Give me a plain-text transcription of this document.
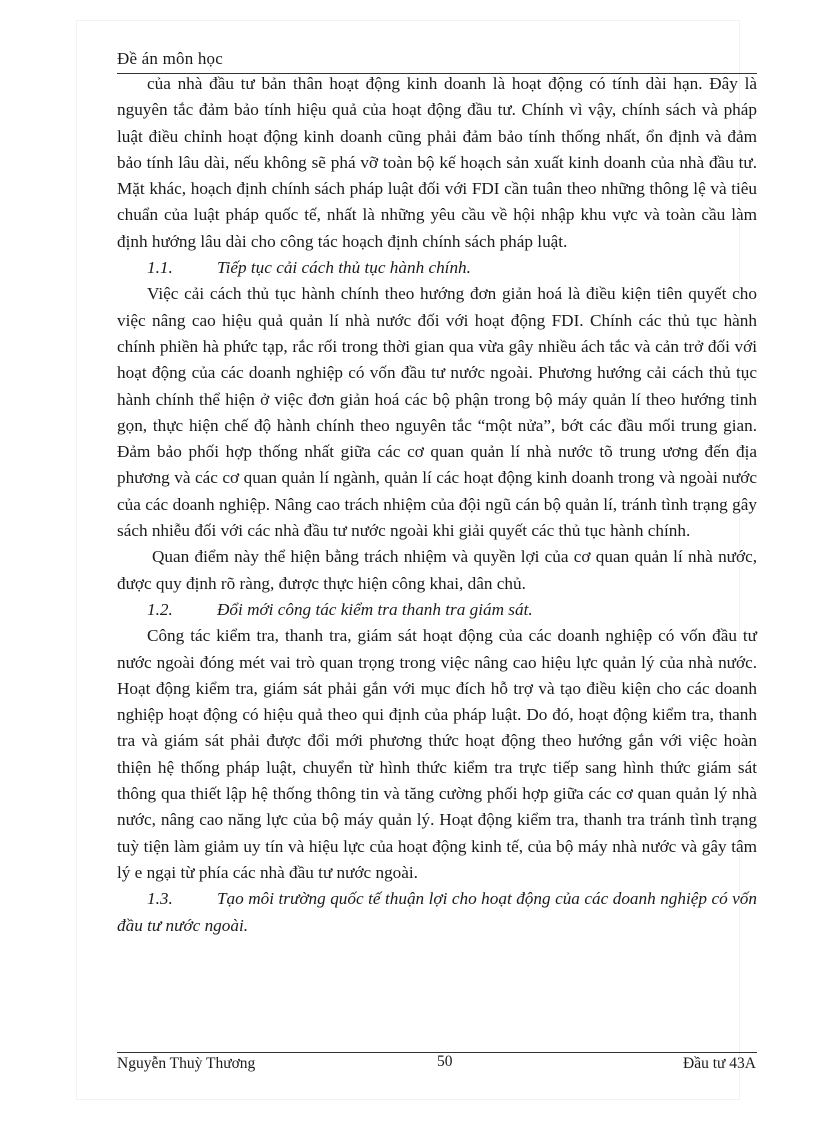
Đề án môn học

của nhà đầu tư bản thân hoạt động kinh doanh là hoạt động có tính dài hạn. Đây là nguyên tắc đảm bảo tính hiệu quả của hoạt động đầu tư. Chính vì vậy, chính sách và pháp luật điều chỉnh hoạt động kinh doanh cũng phải đảm bảo tính thống nhất, ổn định và đảm bảo tính lâu dài, nếu không sẽ phá vỡ toàn bộ kế hoạch sản xuất kinh doanh của nhà đầu tư. Mặt khác, hoạch định chính sách pháp luật đối với FDI cần tuân theo những thông lệ và tiêu chuẩn của luật pháp quốc tế, nhất là những yêu cầu về hội nhập khu vực và toàn cầu làm định hướng lâu dài cho công tác hoạch định chính sách pháp luật.

1.1.	Tiếp tục cải cách thủ tục hành chính.

Việc cải cách thủ tục hành chính theo hướng đơn giản hoá là điều kiện tiên quyết cho việc nâng cao hiệu quả quản lí nhà nước đối với hoạt động FDI. Chính các thủ tục hành chính phiền hà phức tạp, rắc rối trong thời gian qua vừa gây nhiều ách tắc và cản trở đối với hoạt động của các doanh nghiệp có vốn đầu tư nước ngoài. Phương hướng cải cách thủ tục hành chính thể hiện ở việc đơn giản hoá các bộ phận trong bộ máy quản lí theo hướng tinh gọn, thực hiện chế độ hành chính theo nguyên tắc “một nửa”, bớt các đầu mối trung gian. Đảm bảo phối hợp thống nhất giữa các cơ quan quản lí nhà nước tõ trung ương đến địa phương và các cơ quan quản lí ngành, quản lí các hoạt động kinh doanh trong và ngoài nước của các doanh nghiệp. Nâng cao trách nhiệm của đội ngũ cán bộ quản lí, tránh tình trạng gây sách nhiễu đối với các nhà đầu tư nước ngoài khi giải quyết các thủ tục hành chính.

Quan điểm này thể hiện bằng trách nhiệm và quyền lợi của cơ quan quản lí nhà nước, được quy định rõ ràng, đưrợc thực hiện công khai, dân chủ.

1.2.	Đổi mới công tác kiểm tra thanh tra giám sát.

Công tác kiểm tra, thanh tra, giám sát hoạt động của các doanh nghiệp có vốn đầu tư nước ngoài đóng mét vai trò quan trọng trong việc nâng cao hiệu lực quản lý của nhà nước. Hoạt động kiểm tra, giám sát phải gắn với mục đích hỗ trợ và tạo điều kiện cho các doanh nghiệp hoạt động có hiệu quả theo qui định của pháp luật. Do đó, hoạt động kiểm tra, thanh tra và giám sát phải được đổi mới phương thức hoạt động theo hướng gắn với việc hoàn thiện hệ thống pháp luật, chuyển từ hình thức kiểm tra trực tiếp sang hình thức giám sát thông qua thiết lập hệ thống thông tin và tăng cường phối hợp giữa các cơ quan quản lý nhà nước, nâng cao năng lực của bộ máy quản lý. Hoạt động kiểm tra, thanh tra tránh tình trạng tuỳ tiện làm giảm uy tín và hiệu lực của hoạt động kinh tế, của bộ máy nhà nước và gây tâm lý e ngại từ phía các nhà đầu tư nước ngoài.

1.3.	Tạo môi trường quốc tế thuận lợi cho hoạt động của các doanh nghiệp có vốn đầu tư nước ngoài.

Nguyễn Thuỳ Thương	50	Đầu tư 43A
